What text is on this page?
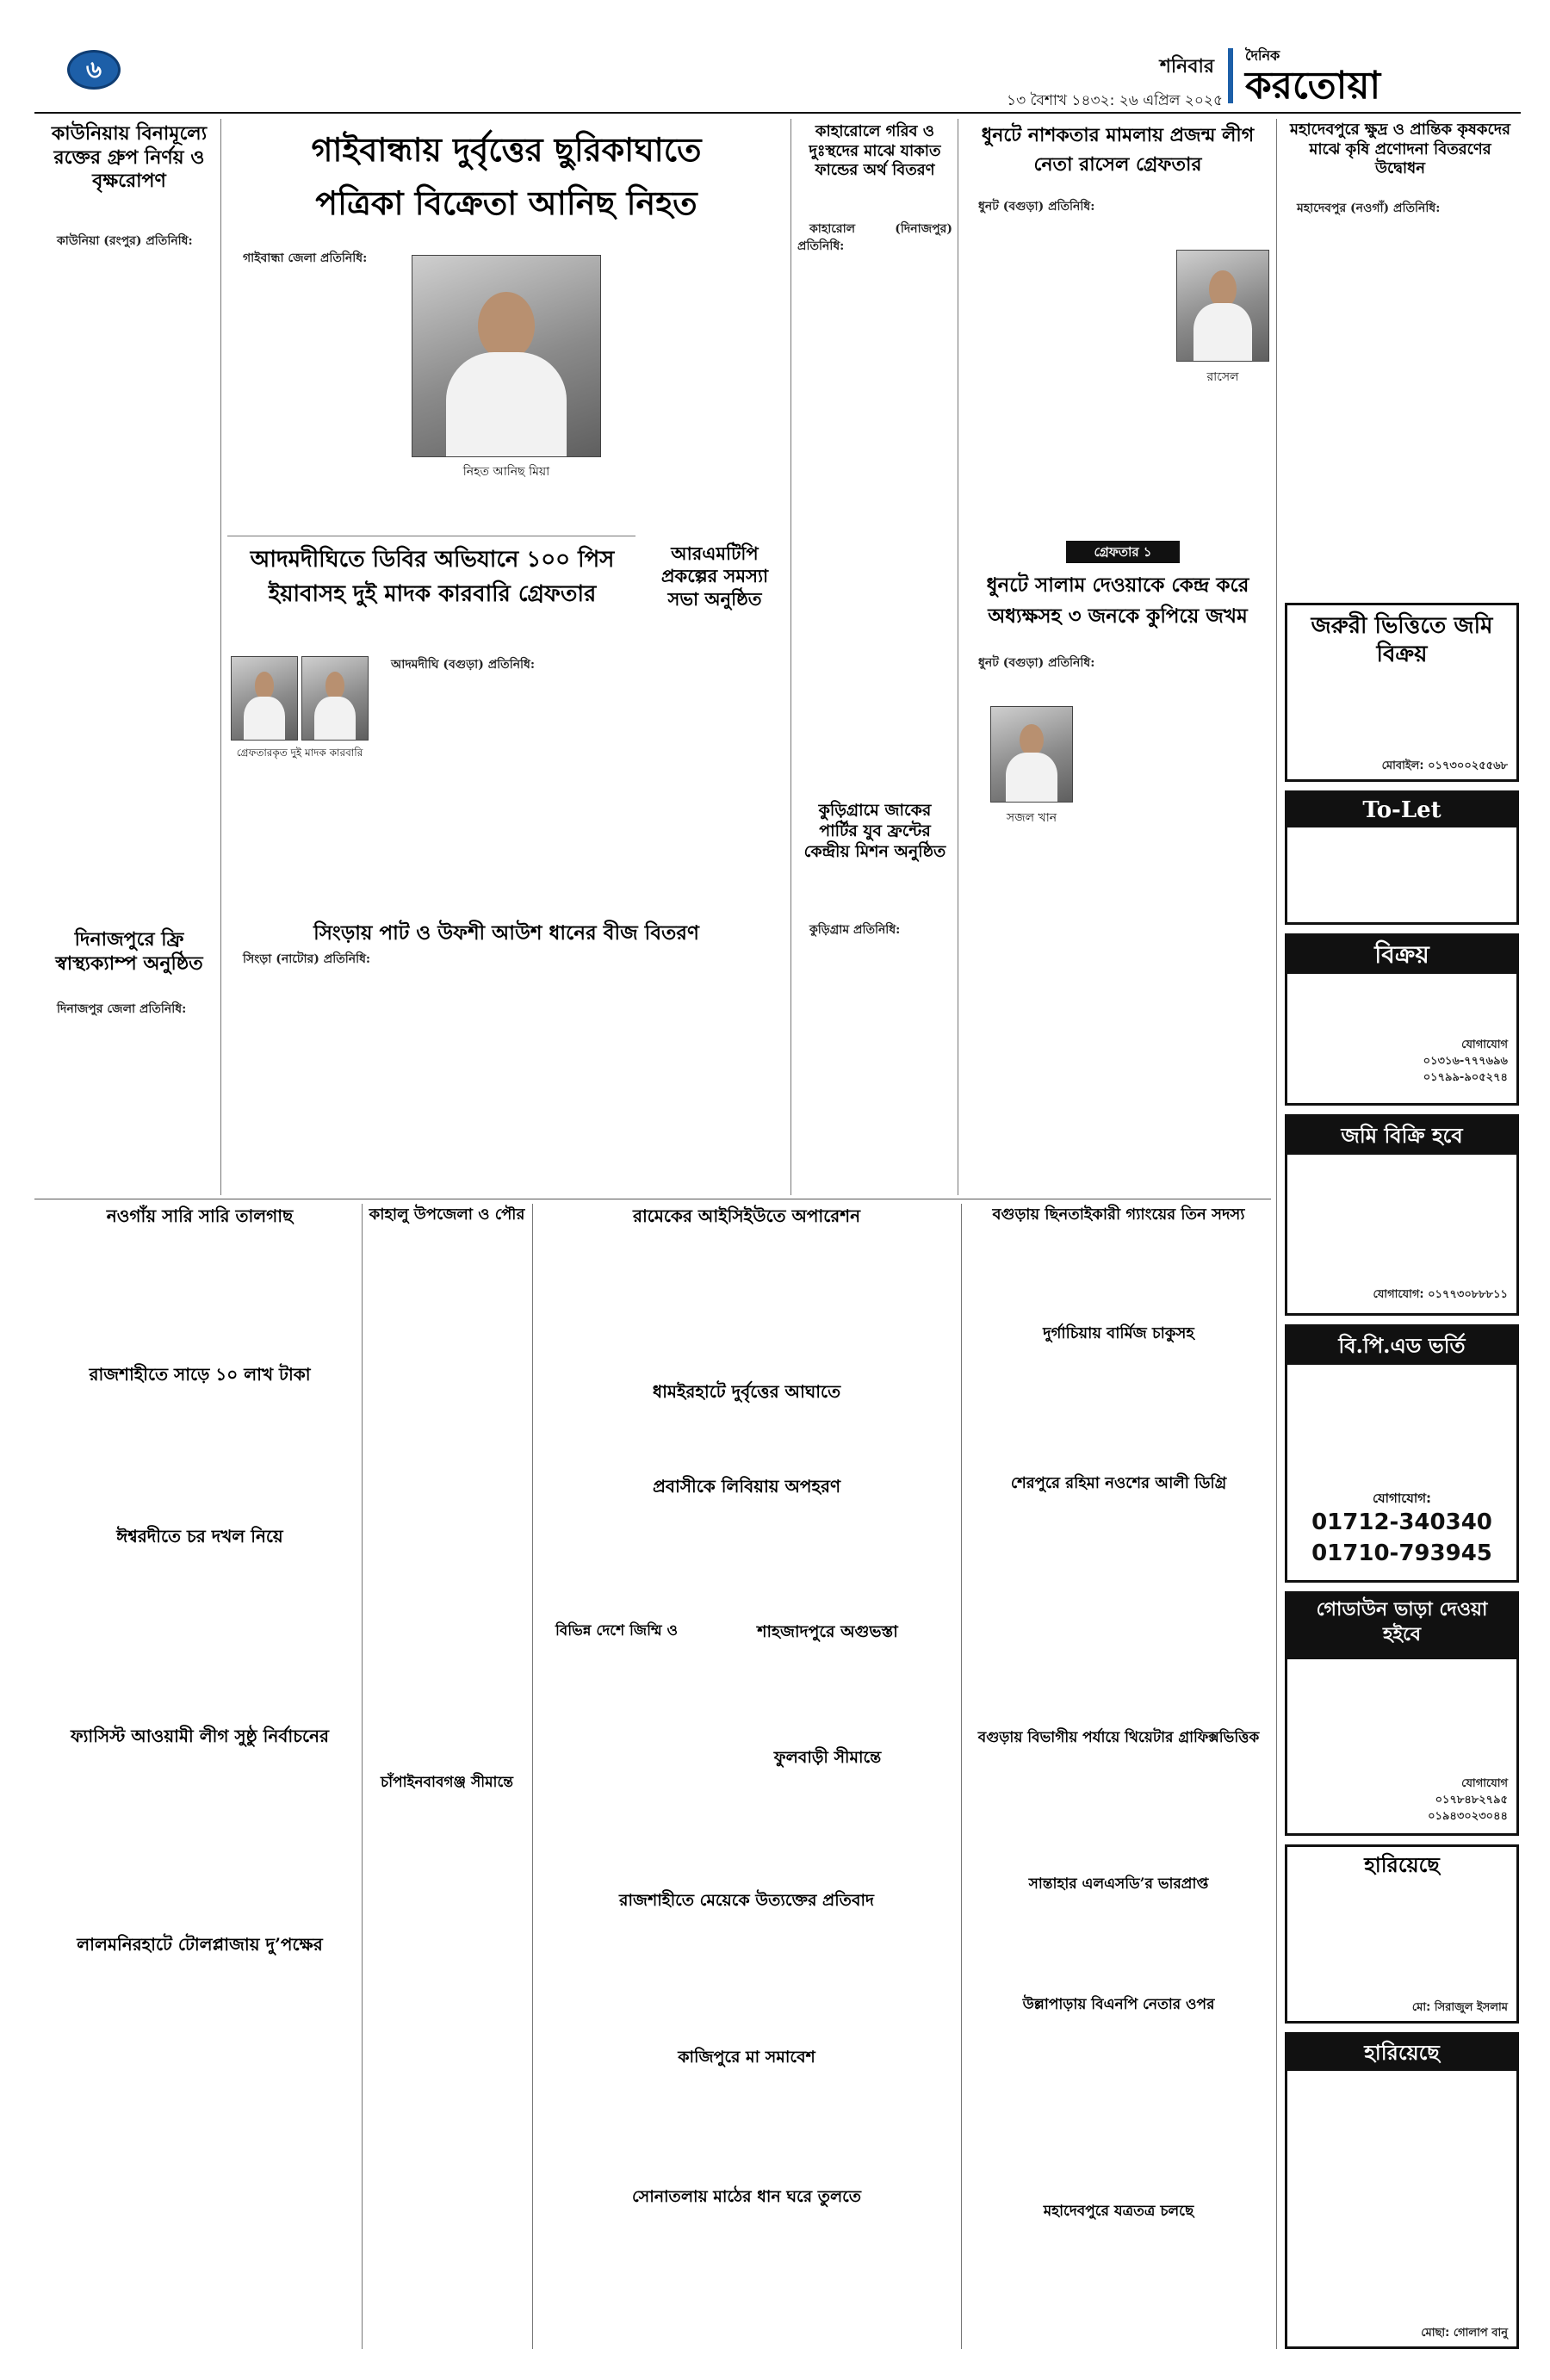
৬	শনিবার
১৩ বৈশাখ ১৪৩২: ২৬ এপ্রিল ২০২৫
দৈনিক
করতোয়া
কাউনিয়ায় বিনামূল্যে রক্তের গ্রুপ নির্ণয় ও বৃক্ষরোপণ

কাউনিয়া (রংপুর) প্রতিনিধি:

দিনাজপুরে ফ্রি স্বাস্থ্যক্যাম্প অনুষ্ঠিত

দিনাজপুর জেলা প্রতিনিধি:

গাইবান্ধায় দুর্বৃত্তের ছুরিকাঘাতে
পত্রিকা বিক্রেতা আনিছ নিহত

গাইবান্ধা জেলা প্রতিনিধি:

নিহত আনিছ মিয়া
আদমদীঘিতে ডিবির অভিযানে ১০০ পিস ইয়াবাসহ দুই মাদক কারবারি গ্রেফতার
গ্রেফতারকৃত দুই মাদক কারবারি

আদমদীঘি (বগুড়া) প্রতিনিধি:

আরএমটিপি প্রকল্পের সমস্যা সভা অনুষ্ঠিত
সিংড়ায় পাট ও উফশী আউশ ধানের বীজ বিতরণ

সিংড়া (নাটোর) প্রতিনিধি:

কাহারোলে গরিব ও দুঃস্থদের মাঝে যাকাত ফান্ডের অর্থ বিতরণ

কাহারোল (দিনাজপুর) প্রতিনিধি:

কুড়িগ্রামে জাকের পার্টির যুব ফ্রন্টের কেন্দ্রীয় মিশন অনুষ্ঠিত

কুড়িগ্রাম প্রতিনিধি:

ধুনটে নাশকতার মামলায় প্রজন্ম লীগ নেতা রাসেল গ্রেফতার

ধুনট (বগুড়া) প্রতিনিধি:

রাসেল
গ্রেফতার ১
ধুনটে সালাম দেওয়াকে কেন্দ্র করে অধ্যক্ষসহ ৩ জনকে কুপিয়ে জখম

ধুনট (বগুড়া) প্রতিনিধি:

সজল খান
মহাদেবপুরে ক্ষুদ্র ও প্রান্তিক কৃষকদের মাঝে কৃষি প্রণোদনা বিতরণের উদ্বোধন

মহাদেবপুর (নওগাঁ) প্রতিনিধি:

জরুরী ভিত্তিতে জমি বিক্রয়
মোবাইল: ০১৭৩০০২৫৫৬৮
To-Let
বিক্রয়
যোগাযোগ
০১৩১৬-৭৭৭৬৯৬
০১৭৯৯-৯০৫২৭৪
জমি বিক্রি হবে
যোগাযোগ: ০১৭৭৩০৮৮৮১১
বি.পি.এড ভর্তি
যোগাযোগ:
01712-340340
01710-793945
গোডাউন ভাড়া দেওয়া হইবে
যোগাযোগ
০১৭৮৪৮২৭৯৫
০১৯৪৩০২৩০৪৪
হারিয়েছে
মো: সিরাজুল ইসলাম
হারিয়েছে
মোছা: গোলাপ বানু
নওগাঁয় সারি সারি তালগাছ
রাজশাহীতে সাড়ে ১০ লাখ টাকা
ঈশ্বরদীতে চর দখল নিয়ে
ফ্যাসিস্ট আওয়ামী লীগ সুষ্ঠু নির্বাচনের
লালমনিরহাটে টোলপ্লাজায় দু’পক্ষের
কাহালু উপজেলা ও পৌর
চাঁপাইনবাবগঞ্জ সীমান্তে
রামেকের আইসিইউতে অপারেশন
ধামইরহাটে দুর্বৃত্তের আঘাতে
প্রবাসীকে লিবিয়ায় অপহরণ
বিভিন্ন দেশে জিম্মি ও	শাহজাদপুরে অগুভস্তা
ফুলবাড়ী সীমান্তে
রাজশাহীতে মেয়েকে উত্যক্তের প্রতিবাদ
কাজিপুরে মা সমাবেশ
সোনাতলায় মাঠের ধান ঘরে তুলতে
বগুড়ায় ছিনতাইকারী গ্যাংয়ের তিন সদস্য
দুর্গাচিয়ায় বার্মিজ চাকুসহ
শেরপুরে রহিমা নওশের আলী ডিগ্রি
বগুড়ায় বিভাগীয় পর্যায়ে থিয়েটার গ্রাফিক্সভিত্তিক
সান্তাহার এলএসডি’র ভারপ্রাপ্ত
উল্লাপাড়ায় বিএনপি নেতার ওপর
মহাদেবপুরে যত্রতত্র চলছে
